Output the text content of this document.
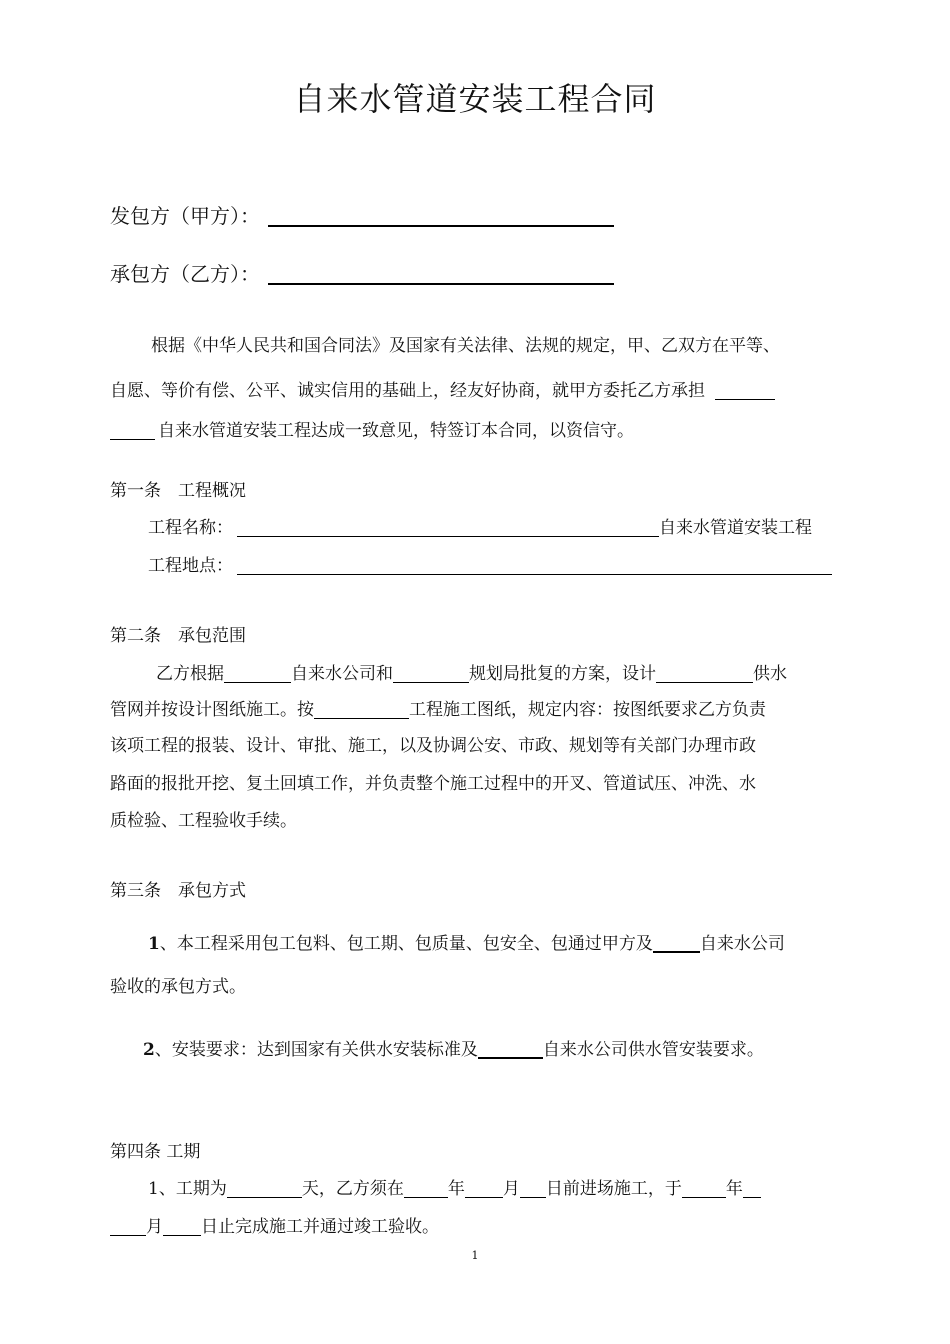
自来水管道安装工程合同
发包方（甲方）：
承包方（乙方）：
根据《中华人民共和国合同法》及国家有关法律、法规的规定，甲、乙双方在平等、
自愿、等价有偿、公平、诚实信用的基础上，经友好协商，就甲方委托乙方承担
自来水管道安装工程达成一致意见，特签订本合同，以资信守。
第一条　工程概况
工程名称：	自来水管道安装工程
工程地点：
第二条　承包范围
乙方根据	自来水公司和	规划局批复的方案，设计	供水
管网并按设计图纸施工。按	工程施工图纸，规定内容：按图纸要求乙方负责
该项工程的报装、设计、审批、施工，以及协调公安、市政、规划等有关部门办理市政
路面的报批开挖、复土回填工作，并负责整个施工过程中的开叉、管道试压、冲洗、水
质检验、工程验收手续。
第三条　承包方式
1、本工程采用包工包料、包工期、包质量、包安全、包通过甲方及	自来水公司
验收的承包方式。
2、安装要求：达到国家有关供水安装标准及	自来水公司供水管安装要求。
第四条 工期
1、工期为	天，乙方须在	年 月 日前进场施工，于	年
月 日止完成施工并通过竣工验收。
1
